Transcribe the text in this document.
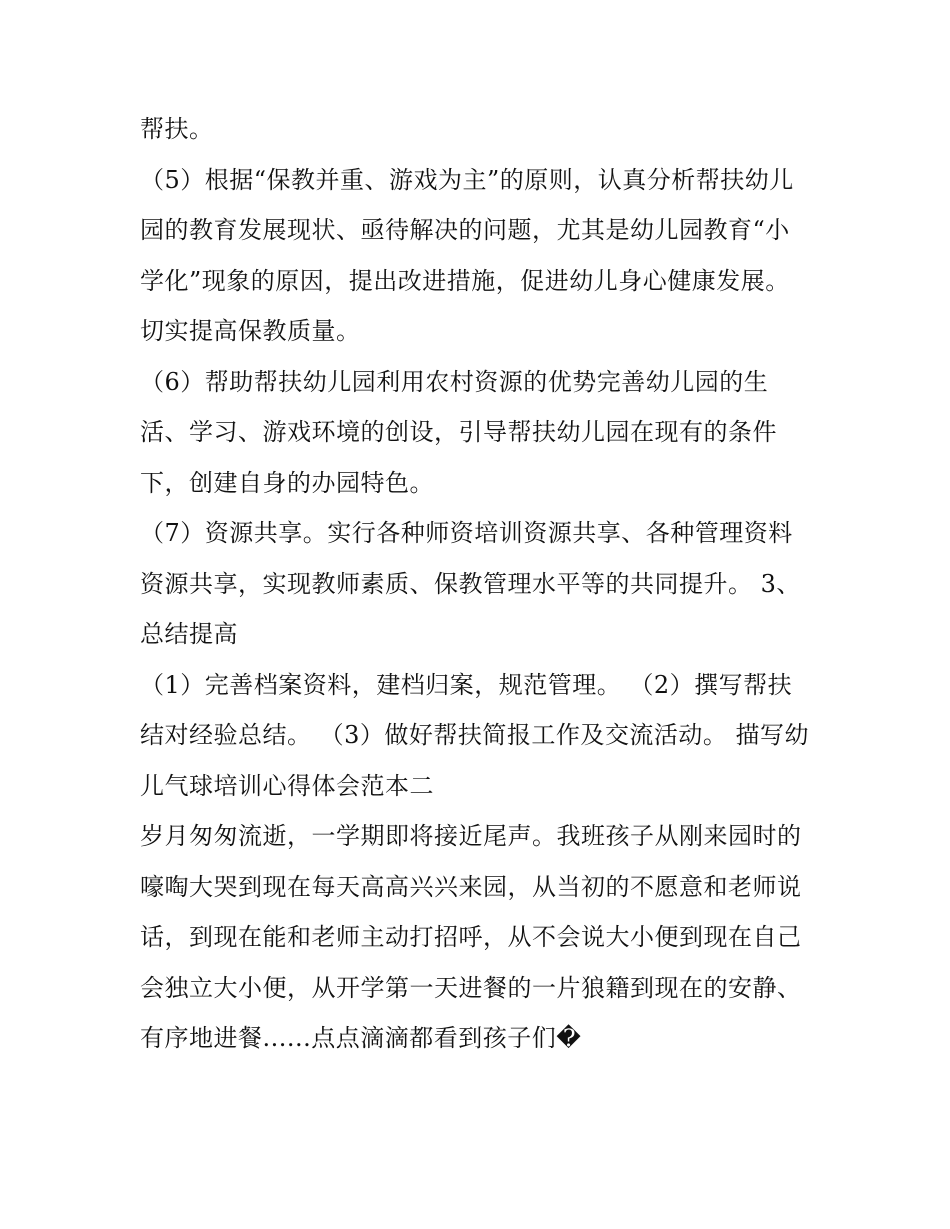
帮扶。
（5）根据“保教并重、游戏为主”的原则，认真分析帮扶幼儿
园的教育发展现状、亟待解决的问题，尤其是幼儿园教育“小
学化”现象的原因，提出改进措施，促进幼儿身心健康发展。
切实提高保教质量。
（6）帮助帮扶幼儿园利用农村资源的优势完善幼儿园的生
活、学习、游戏环境的创设，引导帮扶幼儿园在现有的条件
下，创建自身的办园特色。
（7）资源共享。实行各种师资培训资源共享、各种管理资料
资源共享，实现教师素质、保教管理水平等的共同提升。 3、
总结提高
（1）完善档案资料，建档归案，规范管理。 （2）撰写帮扶
结对经验总结。 （3）做好帮扶简报工作及交流活动。 描写幼
儿气球培训心得体会范本二
岁月匆匆流逝，一学期即将接近尾声。我班孩子从刚来园时的
嚎啕大哭到现在每天高高兴兴来园，从当初的不愿意和老师说
话，到现在能和老师主动打招呼，从不会说大小便到现在自己
会独立大小便，从开学第一天进餐的一片狼籍到现在的安静、
有序地进餐......点点滴滴都看到孩子们�
